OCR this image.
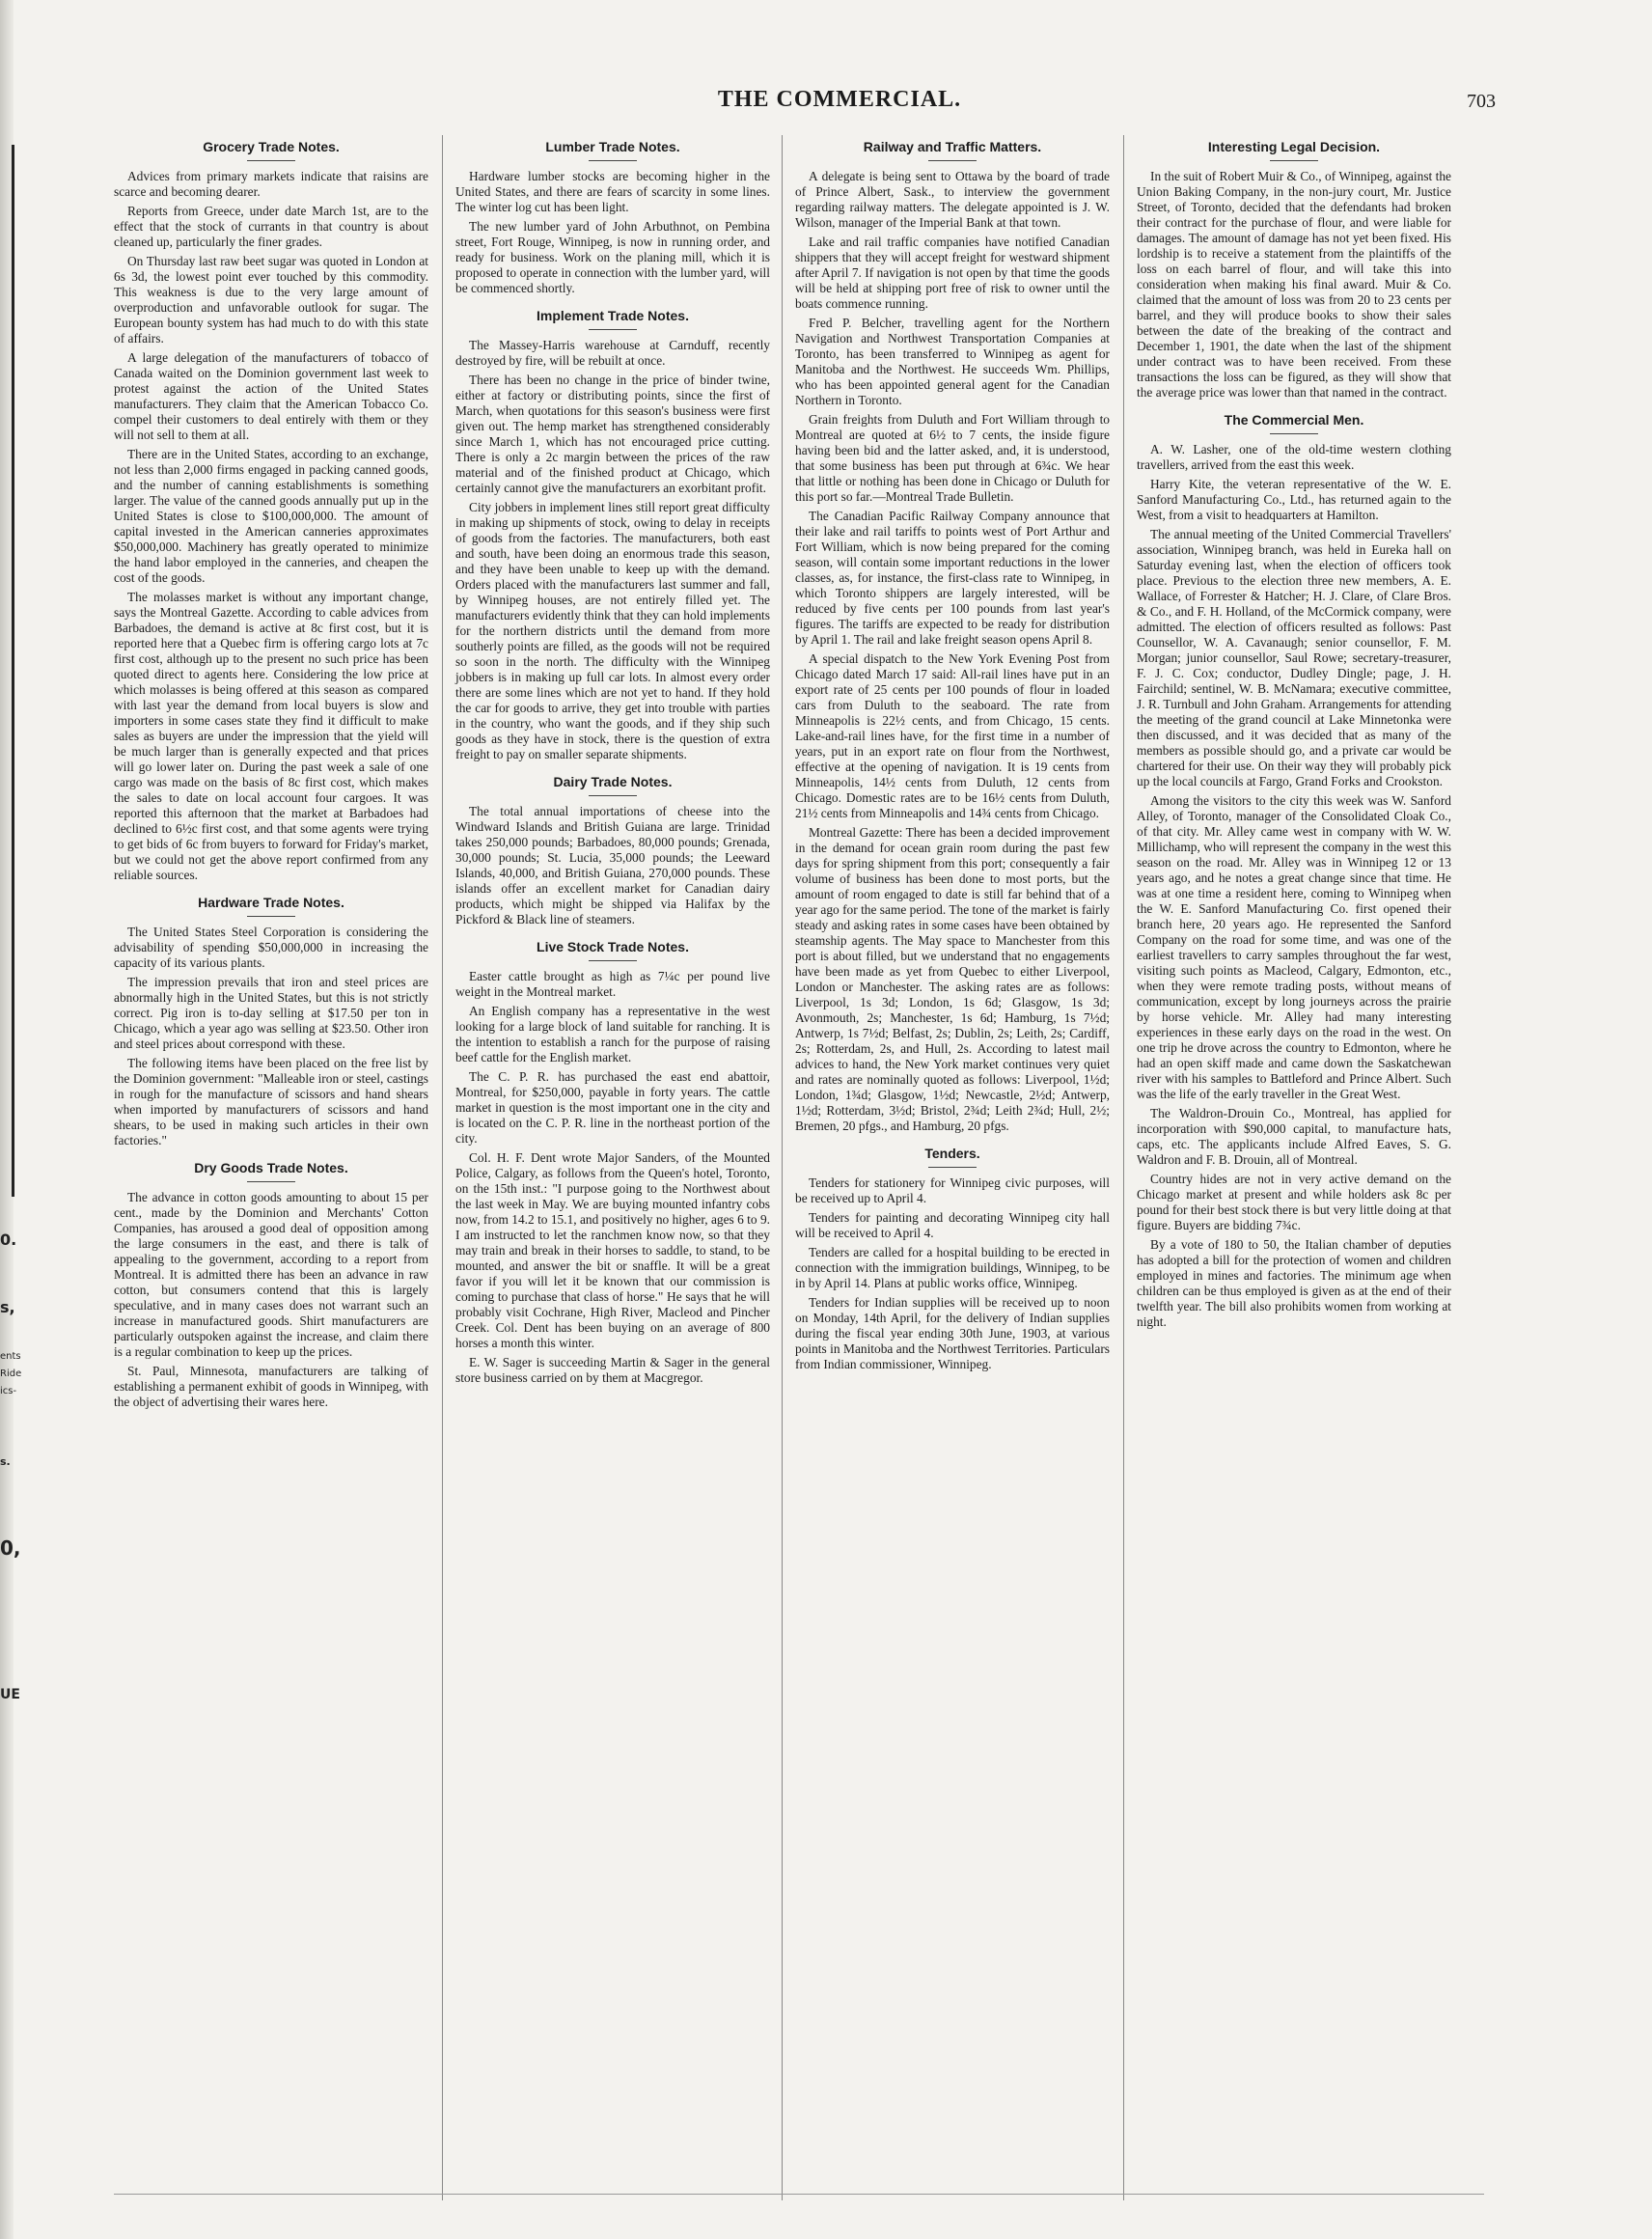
0.
s,
ents
Ride
ics-
s.
0,
UE
THE COMMERCIAL.	703
Grocery Trade Notes.

Advices from primary markets indicate that raisins are scarce and becoming dearer.

Reports from Greece, under date March 1st, are to the effect that the stock of currants in that country is about cleaned up, particularly the finer grades.

On Thursday last raw beet sugar was quoted in London at 6s 3d, the lowest point ever touched by this commodity. This weakness is due to the very large amount of overproduction and unfavorable outlook for sugar. The European bounty system has had much to do with this state of affairs.

A large delegation of the manufacturers of tobacco of Canada waited on the Dominion government last week to protest against the action of the United States manufacturers. They claim that the American Tobacco Co. compel their customers to deal entirely with them or they will not sell to them at all.

There are in the United States, according to an exchange, not less than 2,000 firms engaged in packing canned goods, and the number of canning establishments is something larger. The value of the canned goods annually put up in the United States is close to $100,000,000. The amount of capital invested in the American canneries approximates $50,000,000. Machinery has greatly operated to minimize the hand labor employed in the canneries, and cheapen the cost of the goods.

The molasses market is without any important change, says the Montreal Gazette. According to cable advices from Barbadoes, the demand is active at 8c first cost, but it is reported here that a Quebec firm is offering cargo lots at 7c first cost, although up to the present no such price has been quoted direct to agents here. Considering the low price at which molasses is being offered at this season as compared with last year the demand from local buyers is slow and importers in some cases state they find it difficult to make sales as buyers are under the impression that the yield will be much larger than is generally expected and that prices will go lower later on. During the past week a sale of one cargo was made on the basis of 8c first cost, which makes the sales to date on local account four cargoes. It was reported this afternoon that the market at Barbadoes had declined to 6½c first cost, and that some agents were trying to get bids of 6c from buyers to forward for Friday's market, but we could not get the above report confirmed from any reliable sources.

Hardware Trade Notes.

The United States Steel Corporation is considering the advisability of spending $50,000,000 in increasing the capacity of its various plants.

The impression prevails that iron and steel prices are abnormally high in the United States, but this is not strictly correct. Pig iron is to-day selling at $17.50 per ton in Chicago, which a year ago was selling at $23.50. Other iron and steel prices about correspond with these.

The following items have been placed on the free list by the Dominion government: "Malleable iron or steel, castings in rough for the manufacture of scissors and hand shears when imported by manufacturers of scissors and hand shears, to be used in making such articles in their own factories."

Dry Goods Trade Notes.

The advance in cotton goods amounting to about 15 per cent., made by the Dominion and Merchants' Cotton Companies, has aroused a good deal of opposition among the large consumers in the east, and there is talk of appealing to the government, according to a report from Montreal. It is admitted there has been an advance in raw cotton, but consumers contend that this is largely speculative, and in many cases does not warrant such an increase in manufactured goods. Shirt manufacturers are particularly outspoken against the increase, and claim there is a regular combination to keep up the prices.

St. Paul, Minnesota, manufacturers are talking of establishing a permanent exhibit of goods in Winnipeg, with the object of advertising their wares here.

Lumber Trade Notes.

Hardware lumber stocks are becoming higher in the United States, and there are fears of scarcity in some lines. The winter log cut has been light.

The new lumber yard of John Arbuthnot, on Pembina street, Fort Rouge, Winnipeg, is now in running order, and ready for business. Work on the planing mill, which it is proposed to operate in connection with the lumber yard, will be commenced shortly.

Implement Trade Notes.

The Massey-Harris warehouse at Carnduff, recently destroyed by fire, will be rebuilt at once.

There has been no change in the price of binder twine, either at factory or distributing points, since the first of March, when quotations for this season's business were first given out. The hemp market has strengthened considerably since March 1, which has not encouraged price cutting. There is only a 2c margin between the prices of the raw material and of the finished product at Chicago, which certainly cannot give the manufacturers an exorbitant profit.

City jobbers in implement lines still report great difficulty in making up shipments of stock, owing to delay in receipts of goods from the factories. The manufacturers, both east and south, have been doing an enormous trade this season, and they have been unable to keep up with the demand. Orders placed with the manufacturers last summer and fall, by Winnipeg houses, are not entirely filled yet. The manufacturers evidently think that they can hold implements for the northern districts until the demand from more southerly points are filled, as the goods will not be required so soon in the north. The difficulty with the Winnipeg jobbers is in making up full car lots. In almost every order there are some lines which are not yet to hand. If they hold the car for goods to arrive, they get into trouble with parties in the country, who want the goods, and if they ship such goods as they have in stock, there is the question of extra freight to pay on smaller separate shipments.

Dairy Trade Notes.

The total annual importations of cheese into the Windward Islands and British Guiana are large. Trinidad takes 250,000 pounds; Barbadoes, 80,000 pounds; Grenada, 30,000 pounds; St. Lucia, 35,000 pounds; the Leeward Islands, 40,000, and British Guiana, 270,000 pounds. These islands offer an excellent market for Canadian dairy products, which might be shipped via Halifax by the Pickford & Black line of steamers.

Live Stock Trade Notes.

Easter cattle brought as high as 7¼c per pound live weight in the Montreal market.

An English company has a representative in the west looking for a large block of land suitable for ranching. It is the intention to establish a ranch for the purpose of raising beef cattle for the English market.

The C. P. R. has purchased the east end abattoir, Montreal, for $250,000, payable in forty years. The cattle market in question is the most important one in the city and is located on the C. P. R. line in the northeast portion of the city.

Col. H. F. Dent wrote Major Sanders, of the Mounted Police, Calgary, as follows from the Queen's hotel, Toronto, on the 15th inst.: "I purpose going to the Northwest about the last week in May. We are buying mounted infantry cobs now, from 14.2 to 15.1, and positively no higher, ages 6 to 9. I am instructed to let the ranchmen know now, so that they may train and break in their horses to saddle, to stand, to be mounted, and answer the bit or snaffle. It will be a great favor if you will let it be known that our commission is coming to purchase that class of horse." He says that he will probably visit Cochrane, High River, Macleod and Pincher Creek. Col. Dent has been buying on an average of 800 horses a month this winter.

E. W. Sager is succeeding Martin & Sager in the general store business carried on by them at Macgregor.

Railway and Traffic Matters.

A delegate is being sent to Ottawa by the board of trade of Prince Albert, Sask., to interview the government regarding railway matters. The delegate appointed is J. W. Wilson, manager of the Imperial Bank at that town.

Lake and rail traffic companies have notified Canadian shippers that they will accept freight for westward shipment after April 7. If navigation is not open by that time the goods will be held at shipping port free of risk to owner until the boats commence running.

Fred P. Belcher, travelling agent for the Northern Navigation and Northwest Transportation Companies at Toronto, has been transferred to Winnipeg as agent for Manitoba and the Northwest. He succeeds Wm. Phillips, who has been appointed general agent for the Canadian Northern in Toronto.

Grain freights from Duluth and Fort William through to Montreal are quoted at 6½ to 7 cents, the inside figure having been bid and the latter asked, and, it is understood, that some business has been put through at 6¾c. We hear that little or nothing has been done in Chicago or Duluth for this port so far.—Montreal Trade Bulletin.

The Canadian Pacific Railway Company announce that their lake and rail tariffs to points west of Port Arthur and Fort William, which is now being prepared for the coming season, will contain some important reductions in the lower classes, as, for instance, the first-class rate to Winnipeg, in which Toronto shippers are largely interested, will be reduced by five cents per 100 pounds from last year's figures. The tariffs are expected to be ready for distribution by April 1. The rail and lake freight season opens April 8.

A special dispatch to the New York Evening Post from Chicago dated March 17 said: All-rail lines have put in an export rate of 25 cents per 100 pounds of flour in loaded cars from Duluth to the seaboard. The rate from Minneapolis is 22½ cents, and from Chicago, 15 cents. Lake-and-rail lines have, for the first time in a number of years, put in an export rate on flour from the Northwest, effective at the opening of navigation. It is 19 cents from Minneapolis, 14½ cents from Duluth, 12 cents from Chicago. Domestic rates are to be 16½ cents from Duluth, 21½ cents from Minneapolis and 14¾ cents from Chicago.

Montreal Gazette: There has been a decided improvement in the demand for ocean grain room during the past few days for spring shipment from this port; consequently a fair volume of business has been done to most ports, but the amount of room engaged to date is still far behind that of a year ago for the same period. The tone of the market is fairly steady and asking rates in some cases have been obtained by steamship agents. The May space to Manchester from this port is about filled, but we understand that no engagements have been made as yet from Quebec to either Liverpool, London or Manchester. The asking rates are as follows: Liverpool, 1s 3d; London, 1s 6d; Glasgow, 1s 3d; Avonmouth, 2s; Manchester, 1s 6d; Hamburg, 1s 7½d; Antwerp, 1s 7½d; Belfast, 2s; Dublin, 2s; Leith, 2s; Cardiff, 2s; Rotterdam, 2s, and Hull, 2s. According to latest mail advices to hand, the New York market continues very quiet and rates are nominally quoted as follows: Liverpool, 1½d; London, 1¾d; Glasgow, 1½d; Newcastle, 2½d; Antwerp, 1½d; Rotterdam, 3½d; Bristol, 2¾d; Leith 2¾d; Hull, 2½; Bremen, 20 pfgs., and Hamburg, 20 pfgs.

Tenders.

Tenders for stationery for Winnipeg civic purposes, will be received up to April 4.

Tenders for painting and decorating Winnipeg city hall will be received to April 4.

Tenders are called for a hospital building to be erected in connection with the immigration buildings, Winnipeg, to be in by April 14. Plans at public works office, Winnipeg.

Tenders for Indian supplies will be received up to noon on Monday, 14th April, for the delivery of Indian supplies during the fiscal year ending 30th June, 1903, at various points in Manitoba and the Northwest Territories. Particulars from Indian commissioner, Winnipeg.

Interesting Legal Decision.

In the suit of Robert Muir & Co., of Winnipeg, against the Union Baking Company, in the non-jury court, Mr. Justice Street, of Toronto, decided that the defendants had broken their contract for the purchase of flour, and were liable for damages. The amount of damage has not yet been fixed. His lordship is to receive a statement from the plaintiffs of the loss on each barrel of flour, and will take this into consideration when making his final award. Muir & Co. claimed that the amount of loss was from 20 to 23 cents per barrel, and they will produce books to show their sales between the date of the breaking of the contract and December 1, 1901, the date when the last of the shipment under contract was to have been received. From these transactions the loss can be figured, as they will show that the average price was lower than that named in the contract.

The Commercial Men.

A. W. Lasher, one of the old-time western clothing travellers, arrived from the east this week.

Harry Kite, the veteran representative of the W. E. Sanford Manufacturing Co., Ltd., has returned again to the West, from a visit to headquarters at Hamilton.

The annual meeting of the United Commercial Travellers' association, Winnipeg branch, was held in Eureka hall on Saturday evening last, when the election of officers took place. Previous to the election three new members, A. E. Wallace, of Forrester & Hatcher; H. J. Clare, of Clare Bros. & Co., and F. H. Holland, of the McCormick company, were admitted. The election of officers resulted as follows: Past Counsellor, W. A. Cavanaugh; senior counsellor, F. M. Morgan; junior counsellor, Saul Rowe; secretary-treasurer, F. J. C. Cox; conductor, Dudley Dingle; page, J. H. Fairchild; sentinel, W. B. McNamara; executive committee, J. R. Turnbull and John Graham. Arrangements for attending the meeting of the grand council at Lake Minnetonka were then discussed, and it was decided that as many of the members as possible should go, and a private car would be chartered for their use. On their way they will probably pick up the local councils at Fargo, Grand Forks and Crookston.

Among the visitors to the city this week was W. Sanford Alley, of Toronto, manager of the Consolidated Cloak Co., of that city. Mr. Alley came west in company with W. W. Millichamp, who will represent the company in the west this season on the road. Mr. Alley was in Winnipeg 12 or 13 years ago, and he notes a great change since that time. He was at one time a resident here, coming to Winnipeg when the W. E. Sanford Manufacturing Co. first opened their branch here, 20 years ago. He represented the Sanford Company on the road for some time, and was one of the earliest travellers to carry samples throughout the far west, visiting such points as Macleod, Calgary, Edmonton, etc., when they were remote trading posts, without means of communication, except by long journeys across the prairie by horse vehicle. Mr. Alley had many interesting experiences in these early days on the road in the west. On one trip he drove across the country to Edmonton, where he had an open skiff made and came down the Saskatchewan river with his samples to Battleford and Prince Albert. Such was the life of the early traveller in the Great West.

The Waldron-Drouin Co., Montreal, has applied for incorporation with $90,000 capital, to manufacture hats, caps, etc. The applicants include Alfred Eaves, S. G. Waldron and F. B. Drouin, all of Montreal.

Country hides are not in very active demand on the Chicago market at present and while holders ask 8c per pound for their best stock there is but very little doing at that figure. Buyers are bidding 7¾c.

By a vote of 180 to 50, the Italian chamber of deputies has adopted a bill for the protection of women and children employed in mines and factories. The minimum age when children can be thus employed is given as at the end of their twelfth year. The bill also prohibits women from working at night.
